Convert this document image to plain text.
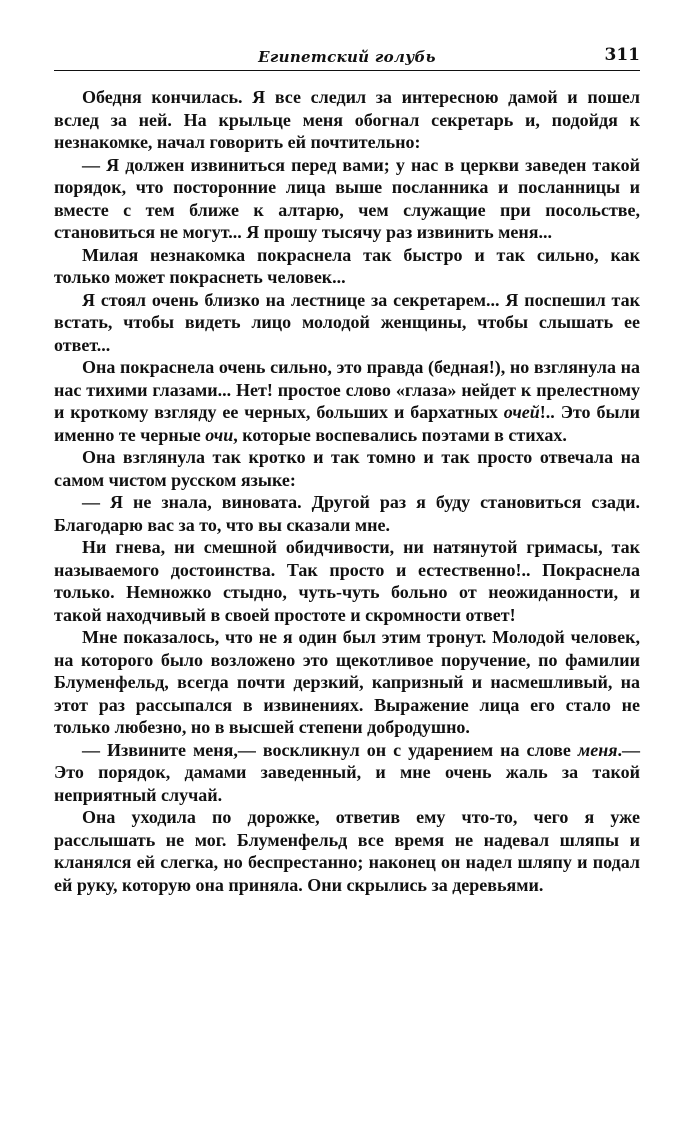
Египетский голубь	311

Обедня кончилась. Я все следил за интересною дамой и пошел вслед за ней. На крыльце меня обогнал секретарь и, подойдя к незнакомке, начал говорить ей почтительно:

— Я должен извиниться перед вами; у нас в церкви заведен такой порядок, что посторонние лица выше посланника и посланницы и вместе с тем ближе к алтарю, чем служащие при посольстве, становиться не могут... Я прошу тысячу раз извинить меня...

Милая незнакомка покраснела так быстро и так сильно, как только может покраснеть человек...

Я стоял очень близко на лестнице за секретарем... Я поспешил так встать, чтобы видеть лицо молодой женщины, чтобы слышать ее ответ...

Она покраснела очень сильно, это правда (бедная!), но взглянула на нас тихими глазами... Нет! простое слово «глаза» нейдет к прелестному и кроткому взгляду ее черных, больших и бархатных очей!.. Это были именно те черные очи, которые воспевались поэтами в стихах.

Она взглянула так кротко и так томно и так просто отвечала на самом чистом русском языке:

— Я не знала, виновата. Другой раз я буду становиться сзади. Благодарю вас за то, что вы сказали мне.

Ни гнева, ни смешной обидчивости, ни натянутой гримасы, так называемого достоинства. Так просто и естественно!.. Покраснела только. Немножко стыдно, чуть-чуть больно от неожиданности, и такой находчивый в своей простоте и скромности ответ!

Мне показалось, что не я один был этим тронут. Молодой человек, на которого было возложено это щекотливое поручение, по фамилии Блуменфельд, всегда почти дерзкий, капризный и насмешливый, на этот раз рассыпался в извинениях. Выражение лица его стало не только любезно, но в высшей степени добродушно.

— Извините меня,— воскликнул он с ударением на слове меня.— Это порядок, дамами заведенный, и мне очень жаль за такой неприятный случай.

Она уходила по дорожке, ответив ему что-то, чего я уже расслышать не мог. Блуменфельд все время не надевал шляпы и кланялся ей слегка, но беспрестанно; наконец он надел шляпу и подал ей руку, которую она приняла. Они скрылись за деревьями.
